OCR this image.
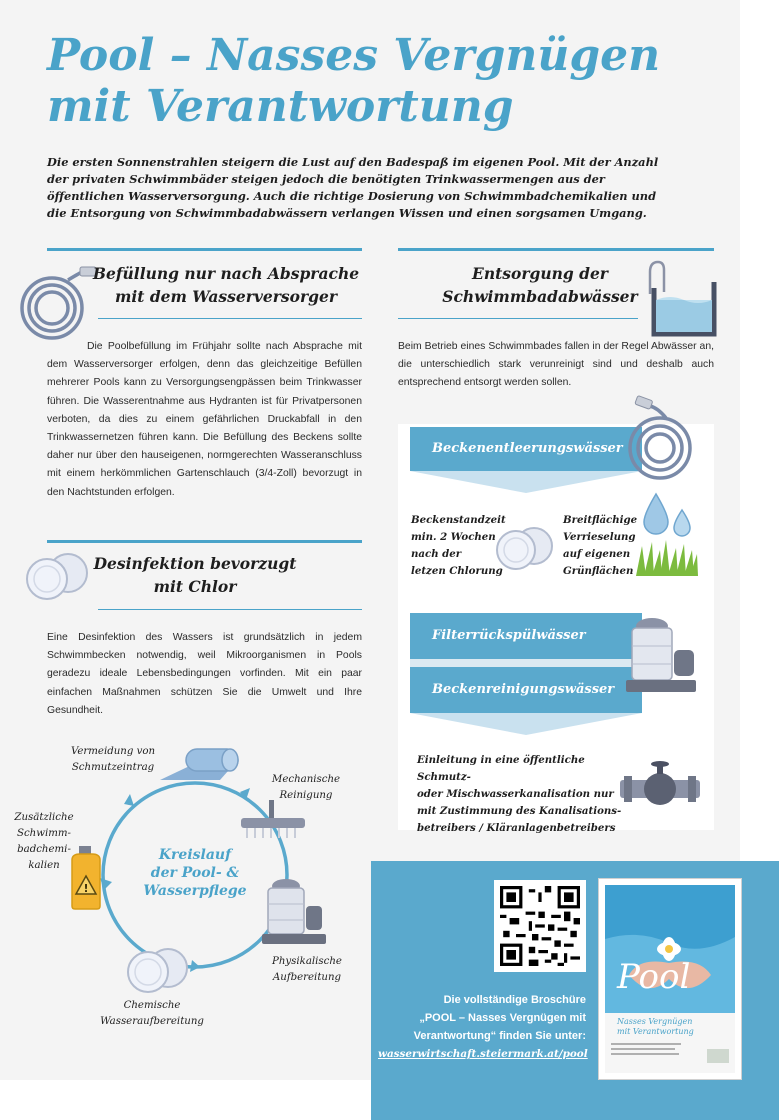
Pool – Nasses Vergnügen
mit Verantwortung
Die ersten Sonnenstrahlen steigern die Lust auf den Badespaß im eigenen Pool. Mit der Anzahl der privaten Schwimmbäder steigen jedoch die benötigten Trinkwassermengen aus der öffentlichen Wasserversorgung. Auch die richtige Dosierung von Schwimmbadchemikalien und die Entsorgung von Schwimmbadabwässern verlangen Wissen und einen sorgsamen Umgang.
Befüllung nur nach Absprache
mit dem Wasserversorger
Die Poolbefüllung im Frühjahr sollte nach Absprache mit dem Wasserversorger erfolgen, denn das gleichzeitige Befüllen mehrerer Pools kann zu Versorgungsengpässen beim Trinkwasser führen. Die Wasserentnahme aus Hydranten ist für Privatpersonen verboten, da dies zu einem gefährlichen Druckabfall in den Trinkwassernetzen führen kann. Die Befüllung des Beckens sollte daher nur über den hauseigenen, normgerechten Wasseranschluss mit einem herkömmlichen Gartenschlauch (3/4-Zoll) bevorzugt in den Nachtstunden erfolgen.
Desinfektion bevorzugt
mit Chlor
Eine Desinfektion des Wassers ist grundsätzlich in jedem Schwimmbecken notwendig, weil Mikroorganismen in Pools geradezu ideale Lebensbedingungen vorfinden. Mit ein paar einfachen Maßnahmen schützen Sie die Umwelt und Ihre Gesundheit.
Kreislauf
der Pool- &
Wasserpflege
Vermeidung von
Schmutzeintrag
Mechanische
Reinigung
Physikalische
Aufbereitung
Chemische
Wasseraufbereitung
Zusätzliche
Schwimm-
badchemi-
kalien
!
Entsorgung der
Schwimmbadabwässer
Beim Betrieb eines Schwimmbades fallen in der Regel Abwässer an, die unterschiedlich stark verunreinigt sind und deshalb auch entsprechend entsorgt werden sollen.
Beckenentleerungswässer
Beckenstandzeit
min. 2 Wochen
nach der
letzen Chlorung
Breitflächige
Verrieselung
auf eigenen
Grünflächen
Filterrückspülwässer
Beckenreinigungswässer
Einleitung in eine öffentliche Schmutz-
oder Mischwasserkanalisation nur
mit Zustimmung des Kanalisations-
betreibers / Kläranlagenbetreibers
Die vollständige Broschüre
„POOL – Nasses Vergnügen mit
Verantwortung“ finden Sie unter:
wasserwirtschaft.steiermark.at/pool
Pool
Nasses Vergnügen
mit Verantwortung
